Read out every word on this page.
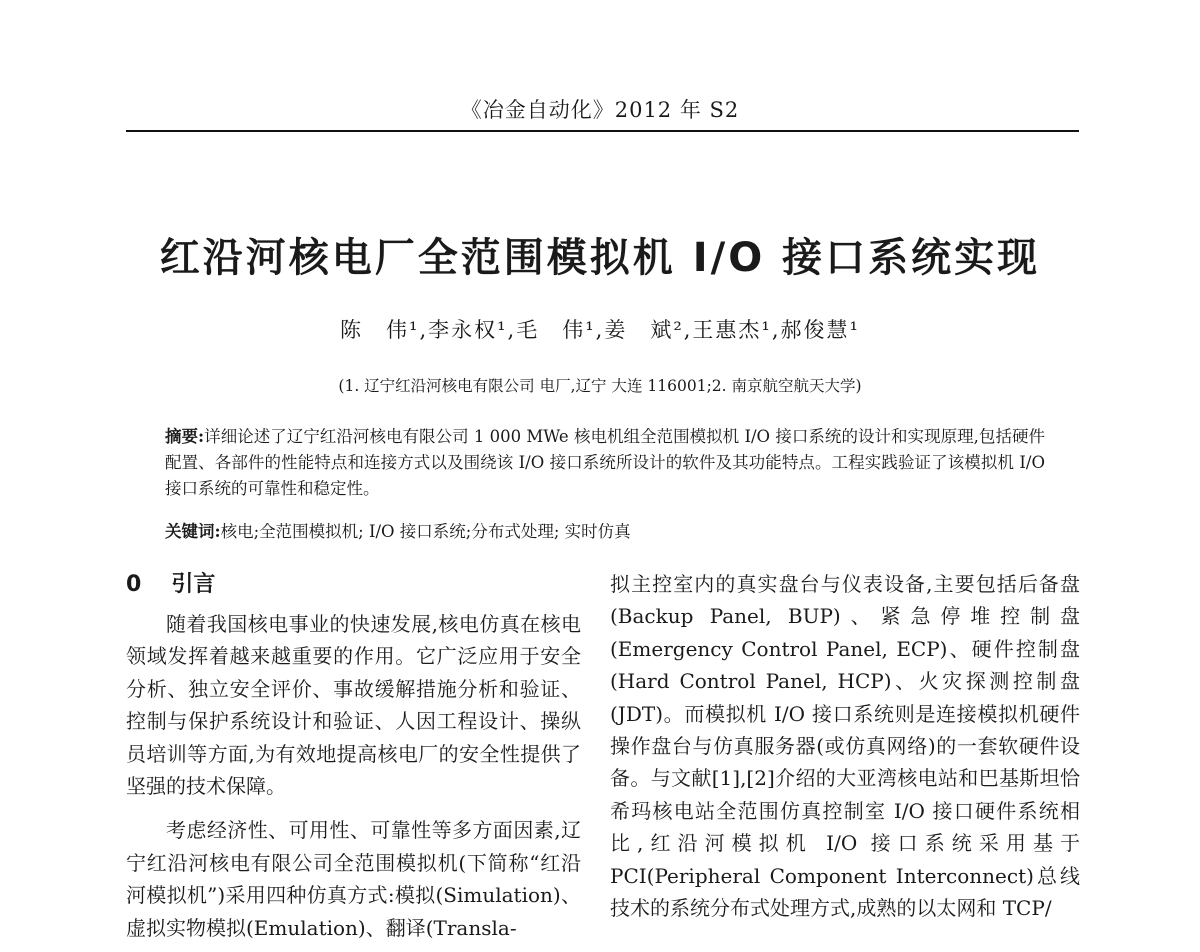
《冶金自动化》2012 年 S2
红沿河核电厂全范围模拟机 I/O 接口系统实现
陈　伟¹,李永权¹,毛　伟¹,姜　斌²,王惠杰¹,郝俊慧¹
(1. 辽宁红沿河核电有限公司 电厂,辽宁 大连 116001;2. 南京航空航天大学)
摘要:详细论述了辽宁红沿河核电有限公司 1 000 MWe 核电机组全范围模拟机 I/O 接口系统的设计和实现原理,包括硬件配置、各部件的性能特点和连接方式以及围绕该 I/O 接口系统所设计的软件及其功能特点。工程实践验证了该模拟机 I/O 接口系统的可靠性和稳定性。
关键词:核电;全范围模拟机; I/O 接口系统;分布式处理; 实时仿真
0 引言

随着我国核电事业的快速发展,核电仿真在核电领域发挥着越来越重要的作用。它广泛应用于安全分析、独立安全评价、事故缓解措施分析和验证、控制与保护系统设计和验证、人因工程设计、操纵员培训等方面,为有效地提高核电厂的安全性提供了坚强的技术保障。

考虑经济性、可用性、可靠性等多方面因素,辽宁红沿河核电有限公司全范围模拟机(下简称“红沿河模拟机”)采用四种仿真方式:模拟(Simulation)、虚拟实物模拟(Emulation)、翻译(Transla-

拟主控室内的真实盘台与仪表设备,主要包括后备盘(Backup Panel, BUP)、紧急停堆控制盘(Emergency Control Panel, ECP)、硬件控制盘(Hard Control Panel, HCP)、火灾探测控制盘(JDT)。而模拟机 I/O 接口系统则是连接模拟机硬件操作盘台与仿真服务器(或仿真网络)的一套软硬件设备。与文献[1],[2]介绍的大亚湾核电站和巴基斯坦恰希玛核电站全范围仿真控制室 I/O 接口硬件系统相比,红沿河模拟机 I/O 接口系统采用基于 PCI(Peripheral Component Interconnect)总线技术的系统分布式处理方式,成熟的以太网和 TCP/
